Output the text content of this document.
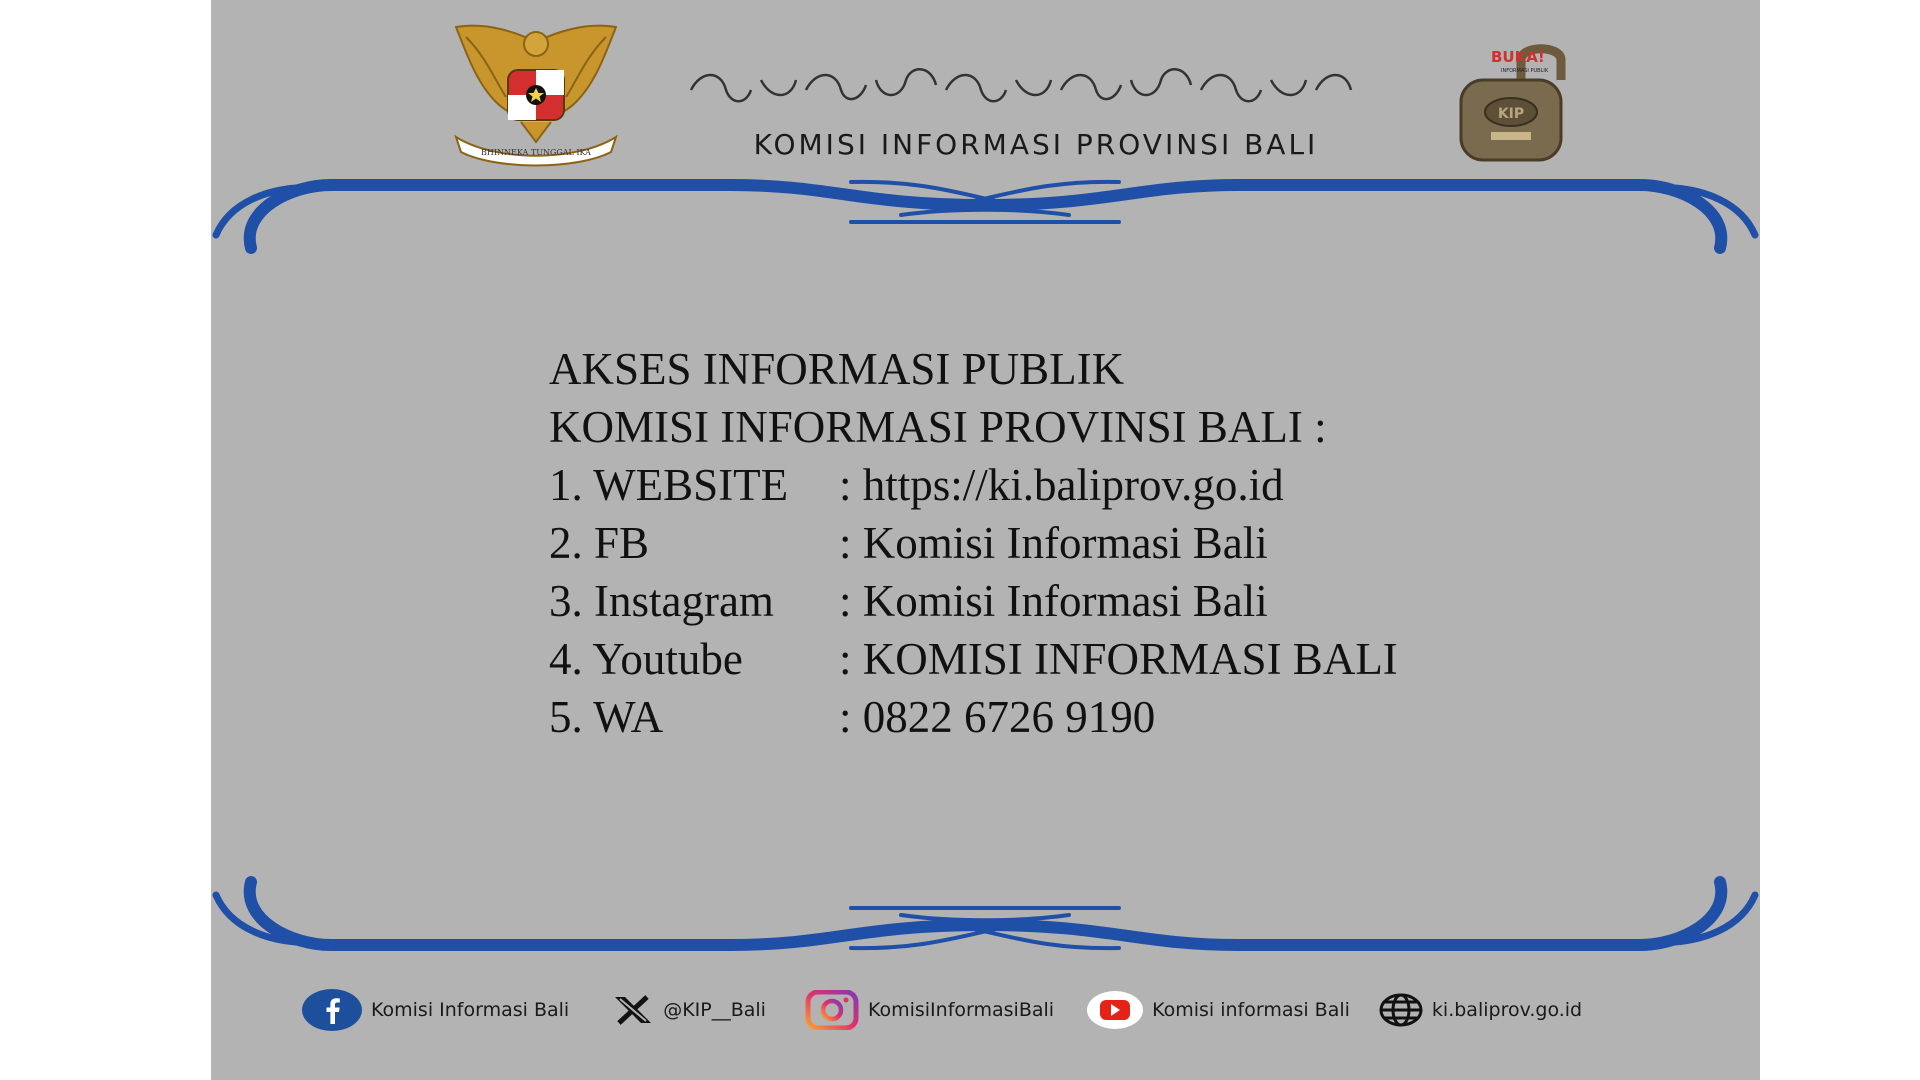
BHINNEKA TUNGGAL IKA
ᬓᭀᬫᬶᬲᬶᬇᬦ᭄ᬨᭀᬃᬫᬲᬶᬧ᭄ᬭᭀᬧᬶᬦ᭄ᬲᬶᬩᬮᬶ
KOMISI INFORMASI PROVINSI BALI
KIP
BUKA!
INFORMASI PUBLIK
AKSES INFORMASI PUBLIK
KOMISI INFORMASI PROVINSI BALI :
1. WEBSITE	: https://ki.baliprov.go.id
2. FB	: Komisi Informasi Bali
3. Instagram	: Komisi Informasi Bali
4. Youtube	: KOMISI INFORMASI BALI
5. WA	: 0822 6726 9190
Komisi Informasi Bali	@KIP__Bali	KomisiInformasiBali	Komisi informasi Bali	ki.baliprov.go.id
